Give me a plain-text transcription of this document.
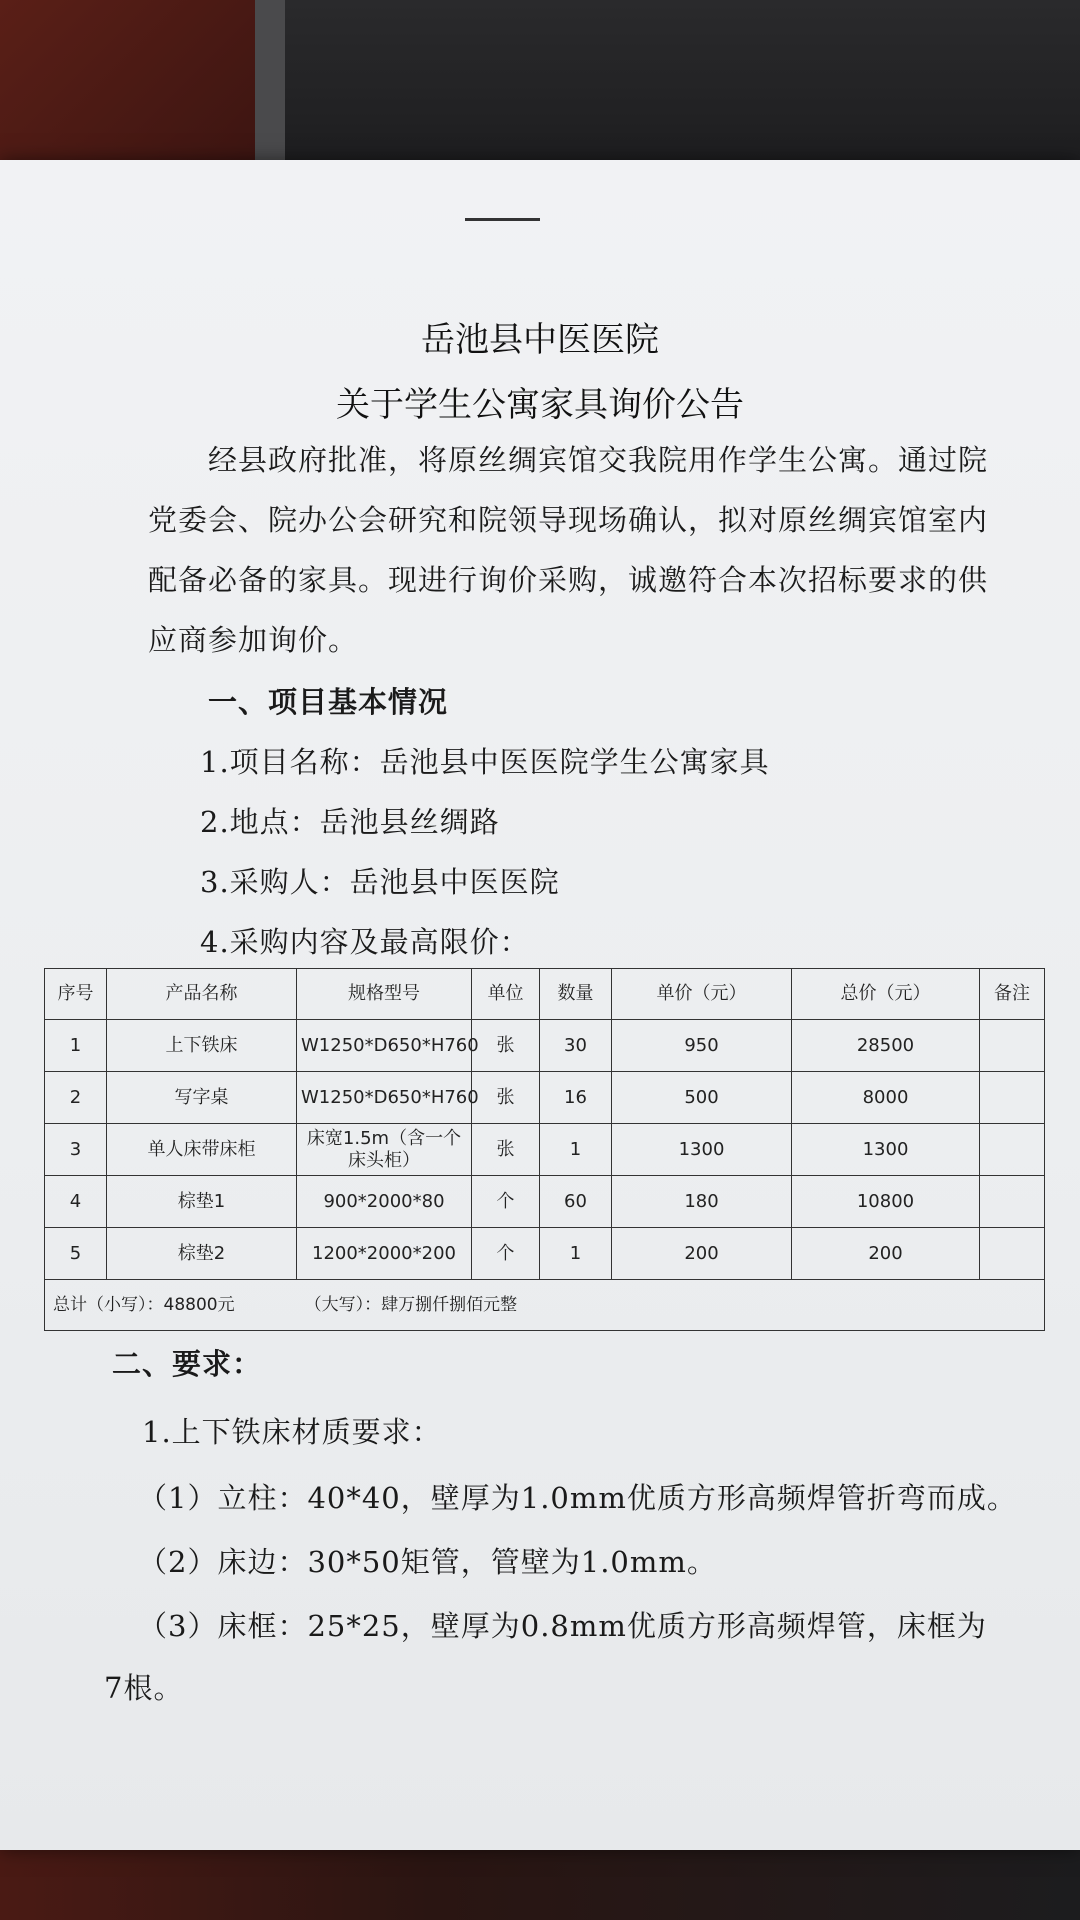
岳池县中医医院
关于学生公寓家具询价公告
经县政府批准，将原丝绸宾馆交我院用作学生公寓。通过院
党委会、院办公会研究和院领导现场确认，拟对原丝绸宾馆室内
配备必备的家具。现进行询价采购，诚邀符合本次招标要求的供
应商参加询价。
一、项目基本情况
1.项目名称：岳池县中医医院学生公寓家具
2.地点：岳池县丝绸路
3.采购人：岳池县中医医院
4.采购内容及最高限价：
序号	产品名称	规格型号	单位	数量	单价（元）	总价（元）	备注
1	上下铁床	W1250*D650*H760	张	30	950	28500	
2	写字桌	W1250*D650*H760	张	16	500	8000	
3	单人床带床柜	床宽1.5m（含一个床头柜）	张	1	1300	1300	
4	棕垫1	900*2000*80	个	60	180	10800	
5	棕垫2	1200*2000*200	个	1	200	200	
总计（小写）：48800元 （大写）：肆万捌仟捌佰元整							
二、要求：
1.上下铁床材质要求：
（1）立柱：40*40，壁厚为1.0mm优质方形高频焊管折弯而成。
（2）床边：30*50矩管，管壁为1.0mm。
（3）床框：25*25，壁厚为0.8mm优质方形高频焊管，床框为
7根。
